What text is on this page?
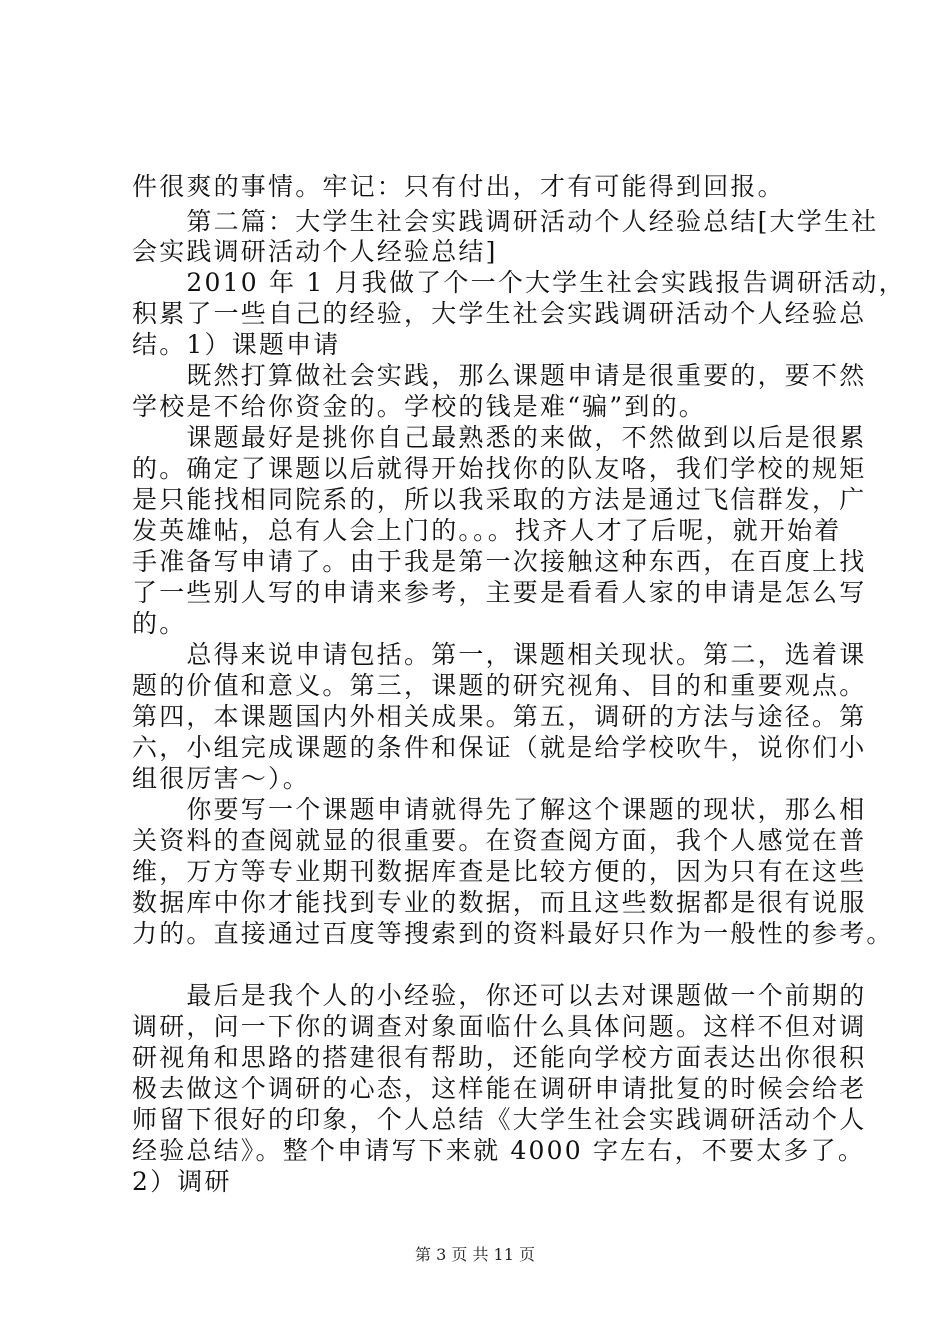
件很爽的事情。牢记：只有付出，才有可能得到回报。
　　第二篇：大学生社会实践调研活动个人经验总结[大学生社
会实践调研活动个人经验总结]
　　2010 年 1 月我做了个一个大学生社会实践报告调研活动，
积累了一些自己的经验，大学生社会实践调研活动个人经验总
结。1）课题申请
　　既然打算做社会实践，那么课题申请是很重要的，要不然
学校是不给你资金的。学校的钱是难“骗”到的。
　　课题最好是挑你自己最熟悉的来做，不然做到以后是很累
的。确定了课题以后就得开始找你的队友咯，我们学校的规矩
是只能找相同院系的，所以我采取的方法是通过飞信群发，广
发英雄帖，总有人会上门的。。。找齐人才了后呢，就开始着
手准备写申请了。由于我是第一次接触这种东西，在百度上找
了一些别人写的申请来参考，主要是看看人家的申请是怎么写
的。
　　总得来说申请包括。第一，课题相关现状。第二，选着课
题的价值和意义。第三，课题的研究视角、目的和重要观点。
第四，本课题国内外相关成果。第五，调研的方法与途径。第
六，小组完成课题的条件和保证（就是给学校吹牛，说你们小
组很厉害～）。
　　你要写一个课题申请就得先了解这个课题的现状，那么相
关资料的查阅就显的很重要。在资查阅方面，我个人感觉在普
维，万方等专业期刊数据库查是比较方便的，因为只有在这些
数据库中你才能找到专业的数据，而且这些数据都是很有说服
力的。直接通过百度等搜索到的资料最好只作为一般性的参考。
　　最后是我个人的小经验，你还可以去对课题做一个前期的
调研，问一下你的调查对象面临什么具体问题。这样不但对调
研视角和思路的搭建很有帮助，还能向学校方面表达出你很积
极去做这个调研的心态，这样能在调研申请批复的时候会给老
师留下很好的印象，个人总结《大学生社会实践调研活动个人
经验总结》。整个申请写下来就 4000 字左右，不要太多了。
2）调研
第 3 页 共 11 页
